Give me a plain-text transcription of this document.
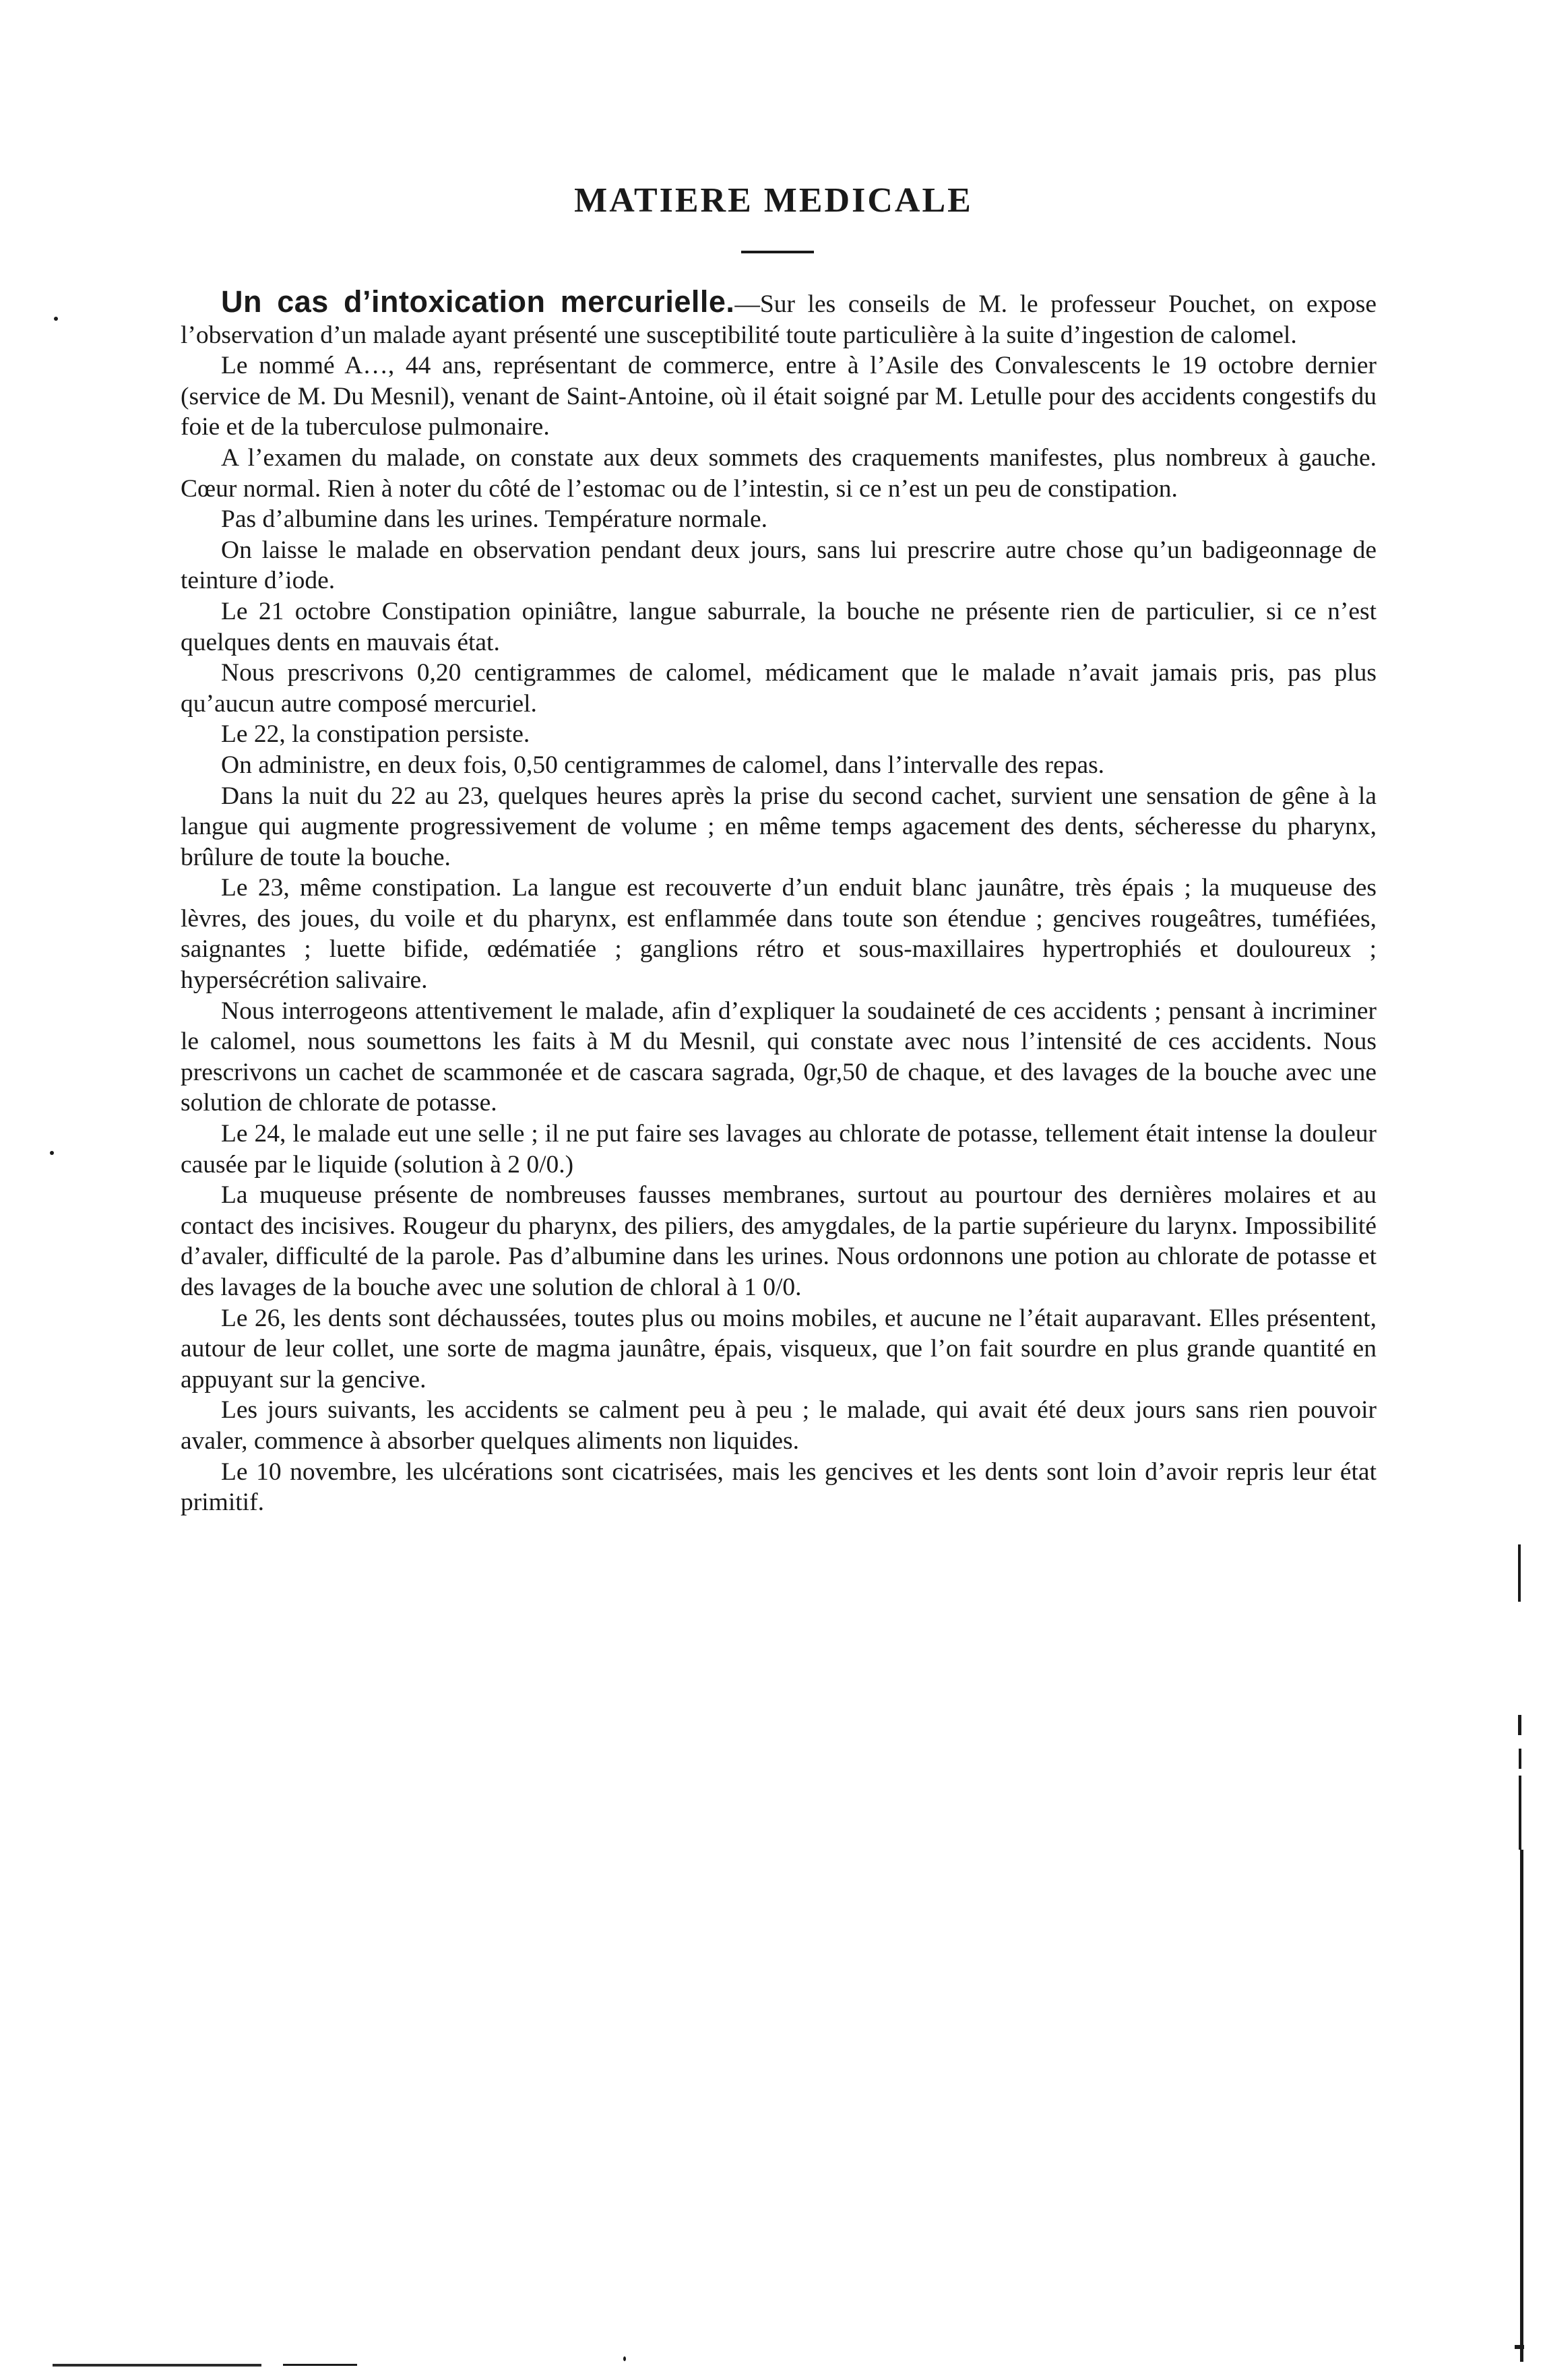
MATIERE MEDICALE

Un cas d’intoxication mercurielle.—Sur les conseils de M. le professeur Pouchet, on expose l’observation d’un malade ayant présenté une susceptibilité toute particulière à la suite d’ingestion de calomel.

Le nommé A…, 44 ans, représentant de commerce, entre à l’Asile des Convalescents le 19 octobre dernier (service de M. Du Mesnil), venant de Saint-Antoine, où il était soigné par M. Letulle pour des accidents congestifs du foie et de la tuberculose pulmonaire.

A l’examen du malade, on constate aux deux sommets des craquements manifestes, plus nombreux à gauche. Cœur normal. Rien à noter du côté de l’estomac ou de l’intestin, si ce n’est un peu de constipation.

Pas d’albumine dans les urines. Température normale.

On laisse le malade en observation pendant deux jours, sans lui prescrire autre chose qu’un badigeonnage de teinture d’iode.

Le 21 octobre Constipation opiniâtre, langue saburrale, la bouche ne présente rien de particulier, si ce n’est quelques dents en mauvais état.

Nous prescrivons 0,20 centigrammes de calomel, médicament que le malade n’avait jamais pris, pas plus qu’aucun autre composé mercuriel.

Le 22, la constipation persiste.

On administre, en deux fois, 0,50 centigrammes de calomel, dans l’intervalle des repas.

Dans la nuit du 22 au 23, quelques heures après la prise du second cachet, survient une sensation de gêne à la langue qui augmente progressivement de volume ; en même temps agacement des dents, sécheresse du pharynx, brûlure de toute la bouche.

Le 23, même constipation. La langue est recouverte d’un enduit blanc jaunâtre, très épais ; la muqueuse des lèvres, des joues, du voile et du pharynx, est enflammée dans toute son étendue ; gencives rougeâtres, tuméfiées, saignantes ; luette bifide, œdématiée ; ganglions rétro et sous-maxillaires hypertrophiés et douloureux ; hypersécrétion salivaire.

Nous interrogeons attentivement le malade, afin d’expliquer la soudaineté de ces accidents ; pensant à incriminer le calomel, nous soumettons les faits à M du Mesnil, qui constate avec nous l’intensité de ces accidents. Nous prescrivons un cachet de scammonée et de cascara sagrada, 0gr,50 de chaque, et des lavages de la bouche avec une solution de chlorate de potasse.

Le 24, le malade eut une selle ; il ne put faire ses lavages au chlorate de potasse, tellement était intense la douleur causée par le liquide (solution à 2 0/0.)

La muqueuse présente de nombreuses fausses membranes, surtout au pourtour des dernières molaires et au contact des incisives. Rougeur du pharynx, des piliers, des amygdales, de la partie supérieure du larynx. Impossibilité d’avaler, difficulté de la parole. Pas d’albumine dans les urines. Nous ordonnons une potion au chlorate de potasse et des lavages de la bouche avec une solution de chloral à 1 0/0.

Le 26, les dents sont déchaussées, toutes plus ou moins mobiles, et aucune ne l’était auparavant. Elles présentent, autour de leur collet, une sorte de magma jaunâtre, épais, visqueux, que l’on fait sourdre en plus grande quantité en appuyant sur la gencive.

Les jours suivants, les accidents se calment peu à peu ; le malade, qui avait été deux jours sans rien pouvoir avaler, commence à absorber quelques aliments non liquides.

Le 10 novembre, les ulcérations sont cicatrisées, mais les gencives et les dents sont loin d’avoir repris leur état primitif.
